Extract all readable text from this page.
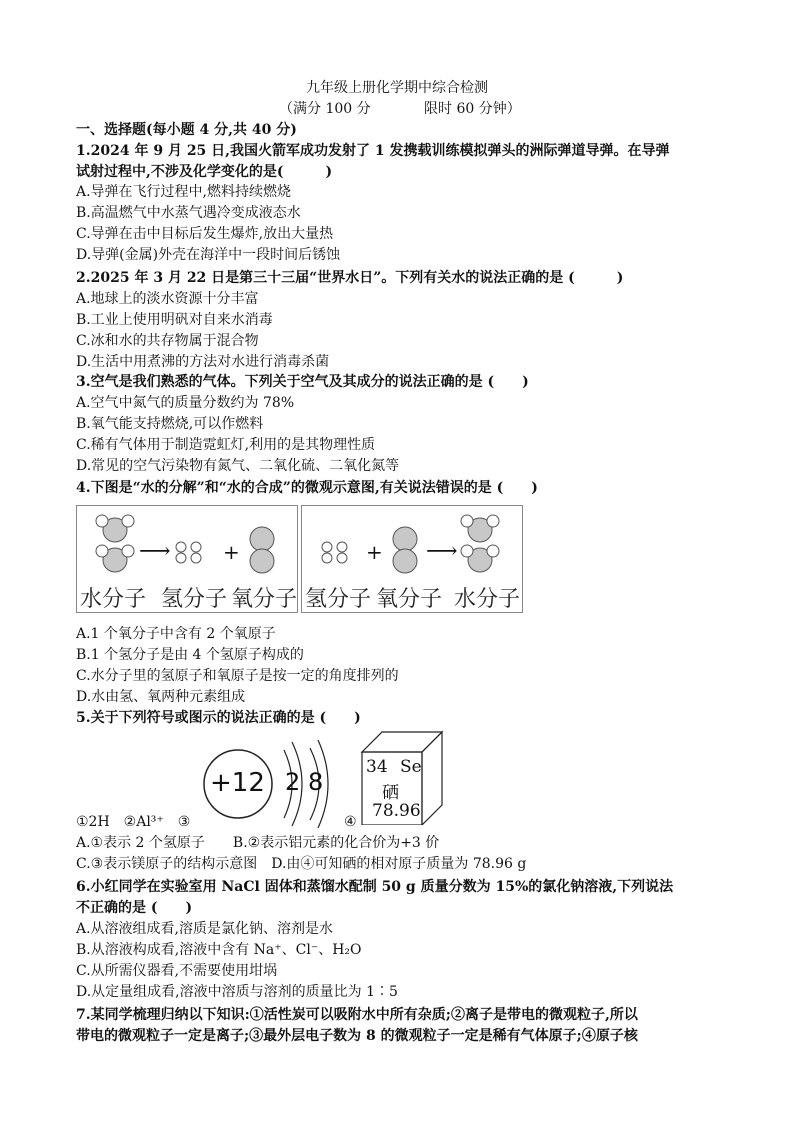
九年级上册化学期中综合检测
（满分 100 分	限时 60 分钟）
一、选择题(每小题 4 分,共 40 分)
1.2024 年 9 月 25 日,我国火箭军成功发射了 1 发携载训练模拟弹头的洲际弹道导弹。在导弹
试射过程中,不涉及化学变化的是(　　　)
A.导弹在飞行过程中,燃料持续燃烧
B.高温燃气中水蒸气遇冷变成液态水
C.导弹在击中目标后发生爆炸,放出大量热
D.导弹(金属)外壳在海洋中一段时间后锈蚀
2.2025 年 3 月 22 日是第三十三届“世界水日”。下列有关水的说法正确的是 (　　　)
A.地球上的淡水资源十分丰富
B.工业上使用明矾对自来水消毒
C.冰和水的共存物属于混合物
D.生活中用煮沸的方法对水进行消毒杀菌
3.空气是我们熟悉的气体。下列关于空气及其成分的说法正确的是 (　　)
A.空气中氮气的质量分数约为 78%
B.氧气能支持燃烧,可以作燃料
C.稀有气体用于制造霓虹灯,利用的是其物理性质
D.常见的空气污染物有氮气、二氧化硫、二氧化氮等
4.下图是“水的分解”和“水的合成”的微观示意图,有关说法错误的是 (　　)
⟶	+
水分子 氢分子 氧分子
+ ⟶
氢分子 氧分子 水分子
A.1 个氧分子中含有 2 个氧原子
B.1 个氢分子是由 4 个氢原子构成的
C.水分子里的氢原子和氧原子是按一定的角度排列的
D.水由氢、氧两种元素组成
5.关于下列符号或图示的说法正确的是 (　　)
+12 2 8
34 Se
硒
78.96
①2H　②Al³⁺　③	④
A.①表示 2 个氢原子　　B.②表示铝元素的化合价为+3 价
C.③表示镁原子的结构示意图　D.由④可知硒的相对原子质量为 78.96 g
6.小红同学在实验室用 NaCl 固体和蒸馏水配制 50 g 质量分数为 15%的氯化钠溶液,下列说法
不正确的是 (　　)
A.从溶液组成看,溶质是氯化钠、溶剂是水
B.从溶液构成看,溶液中含有 Na⁺、Cl⁻、H₂O
C.从所需仪器看,不需要使用坩埚
D.从定量组成看,溶液中溶质与溶剂的质量比为 1∶5
7.某同学梳理归纳以下知识:①活性炭可以吸附水中所有杂质;②离子是带电的微观粒子,所以
带电的微观粒子一定是离子;③最外层电子数为 8 的微观粒子一定是稀有气体原子;④原子核
